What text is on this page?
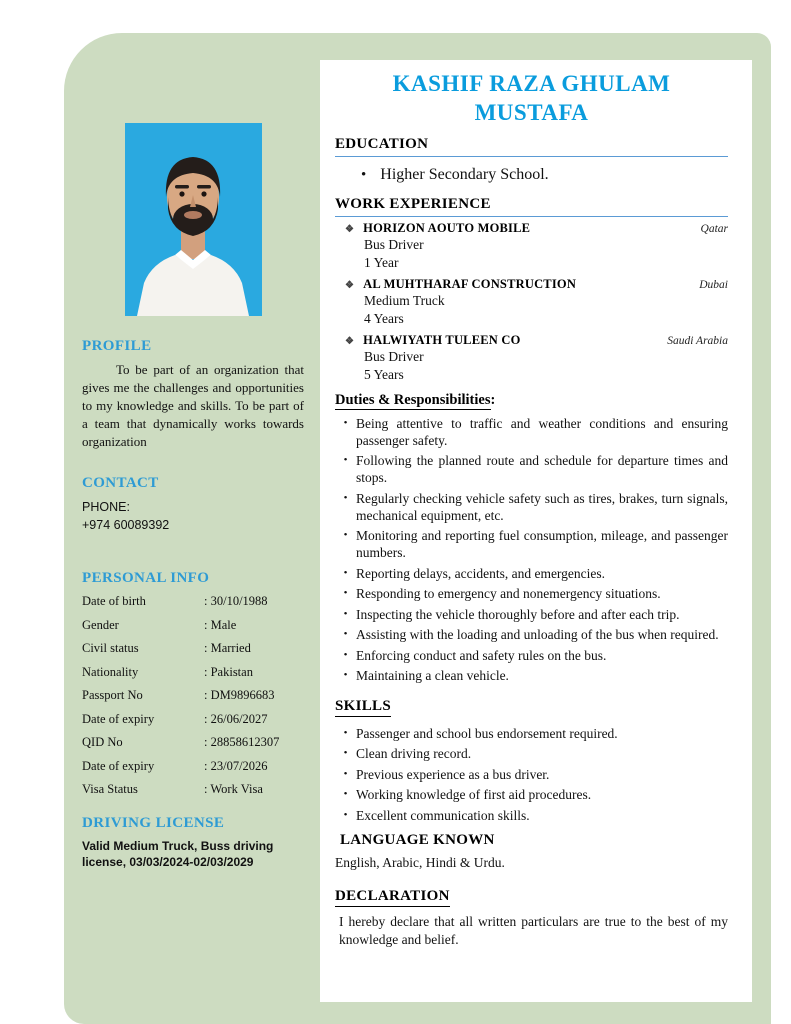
PROFILE

To be part of an organization that gives me the challenges and opportunities to my knowledge and skills. To be part of a team that dynamically works towards organization

CONTACT
PHONE:
+974 60089392
PERSONAL INFO
Date of birth	: 30/10/1988
Gender	: Male
Civil status	: Married
Nationality	: Pakistan
Passport No	: DM9896683
Date of expiry	: 26/06/2027
QID No	: 28858612307
Date of expiry	: 23/07/2026
Visa Status	: Work Visa
DRIVING LICENSE

Valid Medium Truck, Buss driving license, 03/03/2024-02/03/2029

KASHIF RAZA GHULAM MUSTAFA
EDUCATION
• Higher Secondary School.
WORK EXPERIENCE
❖ HORIZON AOUTO MOBILE	Qatar
Bus Driver
1 Year
❖ AL MUHTHARAF CONSTRUCTION	Dubai
Medium Truck
4 Years
❖ HALWIYATH TULEEN CO	Saudi Arabia
Bus Driver
5 Years
Duties & Responsibilities:
• Being attentive to traffic and weather conditions and ensuring passenger safety.
• Following the planned route and schedule for departure times and stops.
• Regularly checking vehicle safety such as tires, brakes, turn signals, mechanical equipment, etc.
• Monitoring and reporting fuel consumption, mileage, and passenger numbers.
• Reporting delays, accidents, and emergencies.
• Responding to emergency and nonemergency situations.
• Inspecting the vehicle thoroughly before and after each trip.
• Assisting with the loading and unloading of the bus when required.
• Enforcing conduct and safety rules on the bus.
• Maintaining a clean vehicle.
SKILLS
• Passenger and school bus endorsement required.
• Clean driving record.
• Previous experience as a bus driver.
• Working knowledge of first aid procedures.
• Excellent communication skills.
LANGUAGE KNOWN

English, Arabic, Hindi & Urdu.

DECLARATION

I hereby declare that all written particulars are true to the best of my knowledge and belief.
